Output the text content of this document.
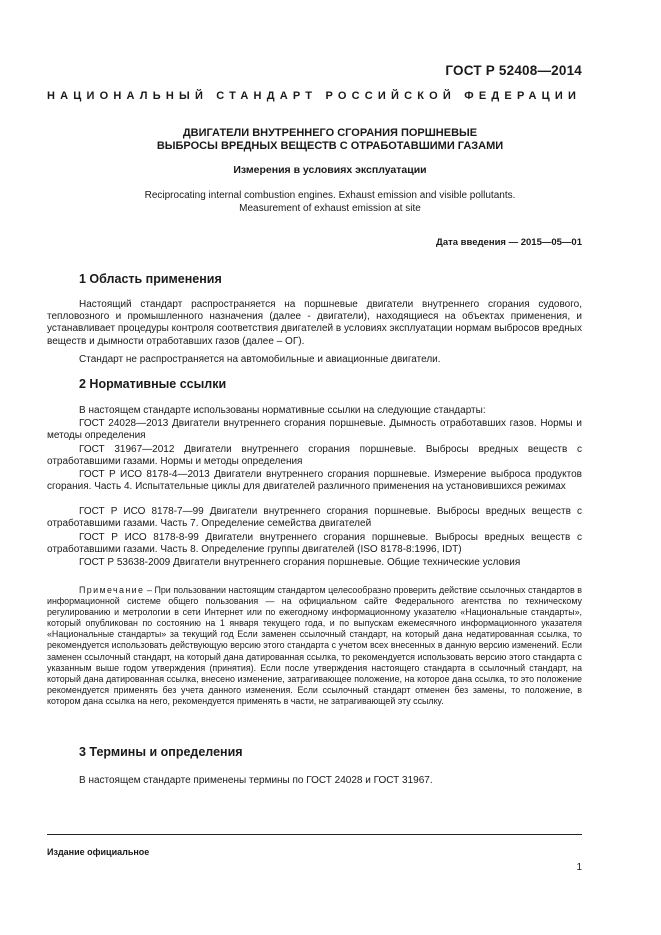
ГОСТ Р 52408—2014
НАЦИОНАЛЬНЫЙ СТАНДАРТ РОССИЙСКОЙ ФЕДЕРАЦИИ
ДВИГАТЕЛИ ВНУТРЕННЕГО СГОРАНИЯ ПОРШНЕВЫЕ
ВЫБРОСЫ ВРЕДНЫХ ВЕЩЕСТВ С ОТРАБОТАВШИМИ ГАЗАМИ
Измерения в условиях эксплуатации
Reciprocating internal combustion engines. Exhaust emission and visible pollutants.
Measurement of exhaust emission at site
Дата введения — 2015—05—01
1 Область применения
Настоящий стандарт распространяется на поршневые двигатели внутреннего сгорания судового, тепловозного и промышленного назначения (далее - двигатели), находящиеся на объектах применения, и устанавливает процедуры контроля соответствия двигателей в условиях эксплуатации нормам выбросов вредных веществ и дымности отработавших газов (далее – ОГ).
Стандарт не распространяется на автомобильные и авиационные двигатели.
2 Нормативные ссылки
В настоящем стандарте использованы нормативные ссылки на следующие стандарты:
ГОСТ 24028—2013 Двигатели внутреннего сгорания поршневые. Дымность отработавших газов. Нормы и методы определения
ГОСТ 31967—2012 Двигатели внутреннего сгорания поршневые. Выбросы вредных веществ с отработавшими газами. Нормы и методы определения
ГОСТ Р ИСО 8178-4—2013 Двигатели внутреннего сгорания поршневые. Измерение выброса продуктов сгорания. Часть 4. Испытательные циклы для двигателей различного применения на установившихся режимах
ГОСТ Р ИСО 8178-7—99 Двигатели внутреннего сгорания поршневые. Выбросы вредных веществ с отработавшими газами. Часть 7. Определение семейства двигателей
ГОСТ Р ИСО 8178-8-99 Двигатели внутреннего сгорания поршневые. Выбросы вредных веществ с отработавшими газами. Часть 8. Определение группы двигателей (ISO 8178-8:1996, IDT)
ГОСТ Р 53638-2009 Двигатели внутреннего сгорания поршневые. Общие технические условия
Примечание – При пользовании настоящим стандартом целесообразно проверить действие ссылочных стандартов в информационной системе общего пользования — на официальном сайте Федерального агентства по техническому регулированию и метрологии в сети Интернет или по ежегодному информационному указателю «Национальные стандарты», который опубликован по состоянию на 1 января текущего года, и по выпускам ежемесячного информационного указателя «Национальные стандарты» за текущий год Если заменен ссылочный стандарт, на который дана недатированная ссылка, то рекомендуется использовать действующую версию этого стандарта с учетом всех внесенных в данную версию изменений. Если заменен ссылочный стандарт, на который дана датированная ссылка, то рекомендуется использовать версию этого стандарта с указанным выше годом утверждения (принятия). Если после утверждения настоящего стандарта в ссылочный стандарт, на который дана датированная ссылка, внесено изменение, затрагивающее положение, на которое дана ссылка, то это положение рекомендуется применять без учета данного изменения. Если ссылочный стандарт отменен без замены, то положение, в котором дана ссылка на него, рекомендуется применять в части, не затрагивающей эту ссылку.
3 Термины и определения
В настоящем стандарте применены термины по ГОСТ 24028 и ГОСТ 31967.
Издание официальное
1
